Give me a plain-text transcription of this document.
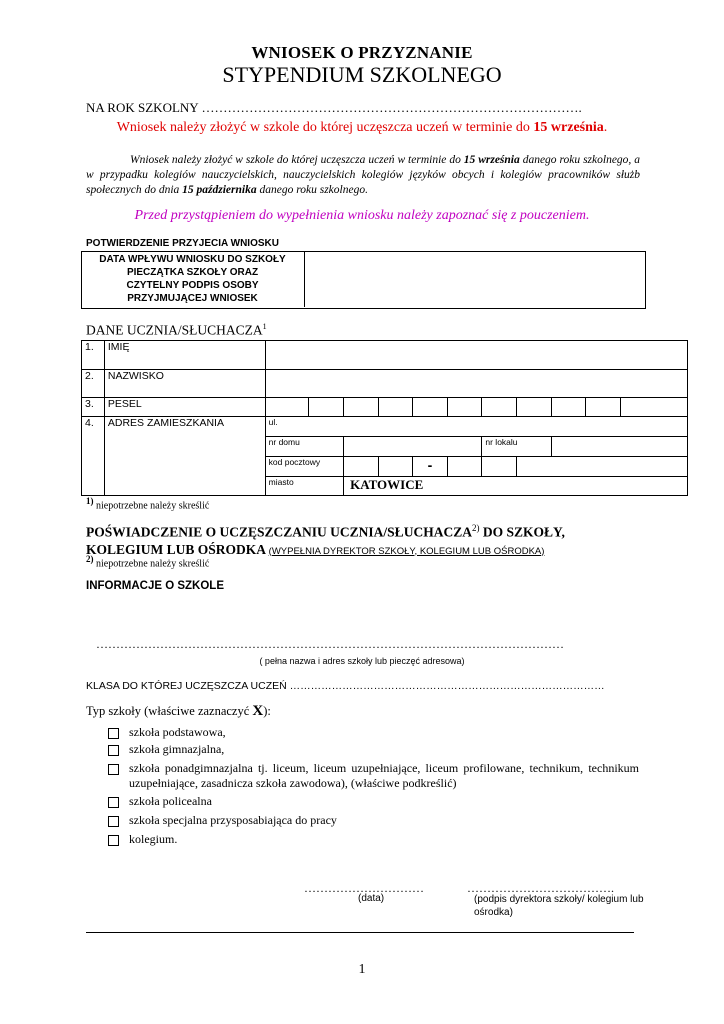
WNIOSEK O PRZYZNANIE
STYPENDIUM SZKOLNEGO
NA ROK SZKOLNY …………………………………………………………………………….
Wniosek należy złożyć w szkole do której uczęszcza uczeń w terminie do 15 września.
Wniosek należy złożyć w szkole do której uczęszcza uczeń w terminie do 15 września danego roku szkolnego, a w przypadku kolegiów nauczycielskich, nauczycielskich kolegiów języków obcych i kolegiów pracowników służb społecznych do dnia 15 października danego roku szkolnego.
Przed przystąpieniem do wypełnienia wniosku należy zapoznać się z pouczeniem.
POTWIERDZENIE PRZYJECIA WNIOSKU
DATA WPŁYWU WNIOSKU DO SZKOŁY
PIECZĄTKA SZKOŁY ORAZ
CZYTELNY PODPIS OSOBY
PRZYJMUJĄCEJ WNIOSEK
DANE UCZNIA/SŁUCHACZA$^1$
1.	IMIĘ											
2.	NAZWISKO											
3.	PESEL											
4.	ADRES ZAMIESZKANIA	ul.										
		nr domu						nr lokalu				
		kod pocztowy				-						
		miasto		KATOWICE								
$^{1)}$ niepotrzebne należy skreślić
POŚWIADCZENIE O UCZĘSZCZANIU UCZNIA/SŁUCHACZA$^{2)}$ DO SZKOŁY,
KOLEGIUM LUB OŚRODKA (WYPEŁNIA DYREKTOR SZKOŁY, KOLEGIUM LUB OŚRODKA)
$^{2)}$ niepotrzebne należy skreślić
INFORMACJE O SZKOLE
………………………………………………………………………………………………………
( pełna nazwa i adres szkoły lub pieczęć adresowa)
KLASA DO KTÓREJ UCZĘSZCZA UCZEŃ ………………………………………………………………………………
Typ szkoły (właściwe zaznaczyć X):
szkoła podstawowa,
szkoła gimnazjalna,
szkoła ponadgimnazjalna tj. liceum, liceum uzupełniające, liceum profilowane, technikum, technikum uzupełniające, zasadnicza szkoła zawodowa), (właściwe podkreślić)
szkoła policealna
szkoła specjalna przysposabiająca do pracy
kolegium.
…………………………	……………………………….
(data)	(podpis dyrektora szkoły/ kolegium lub ośrodka)
1
